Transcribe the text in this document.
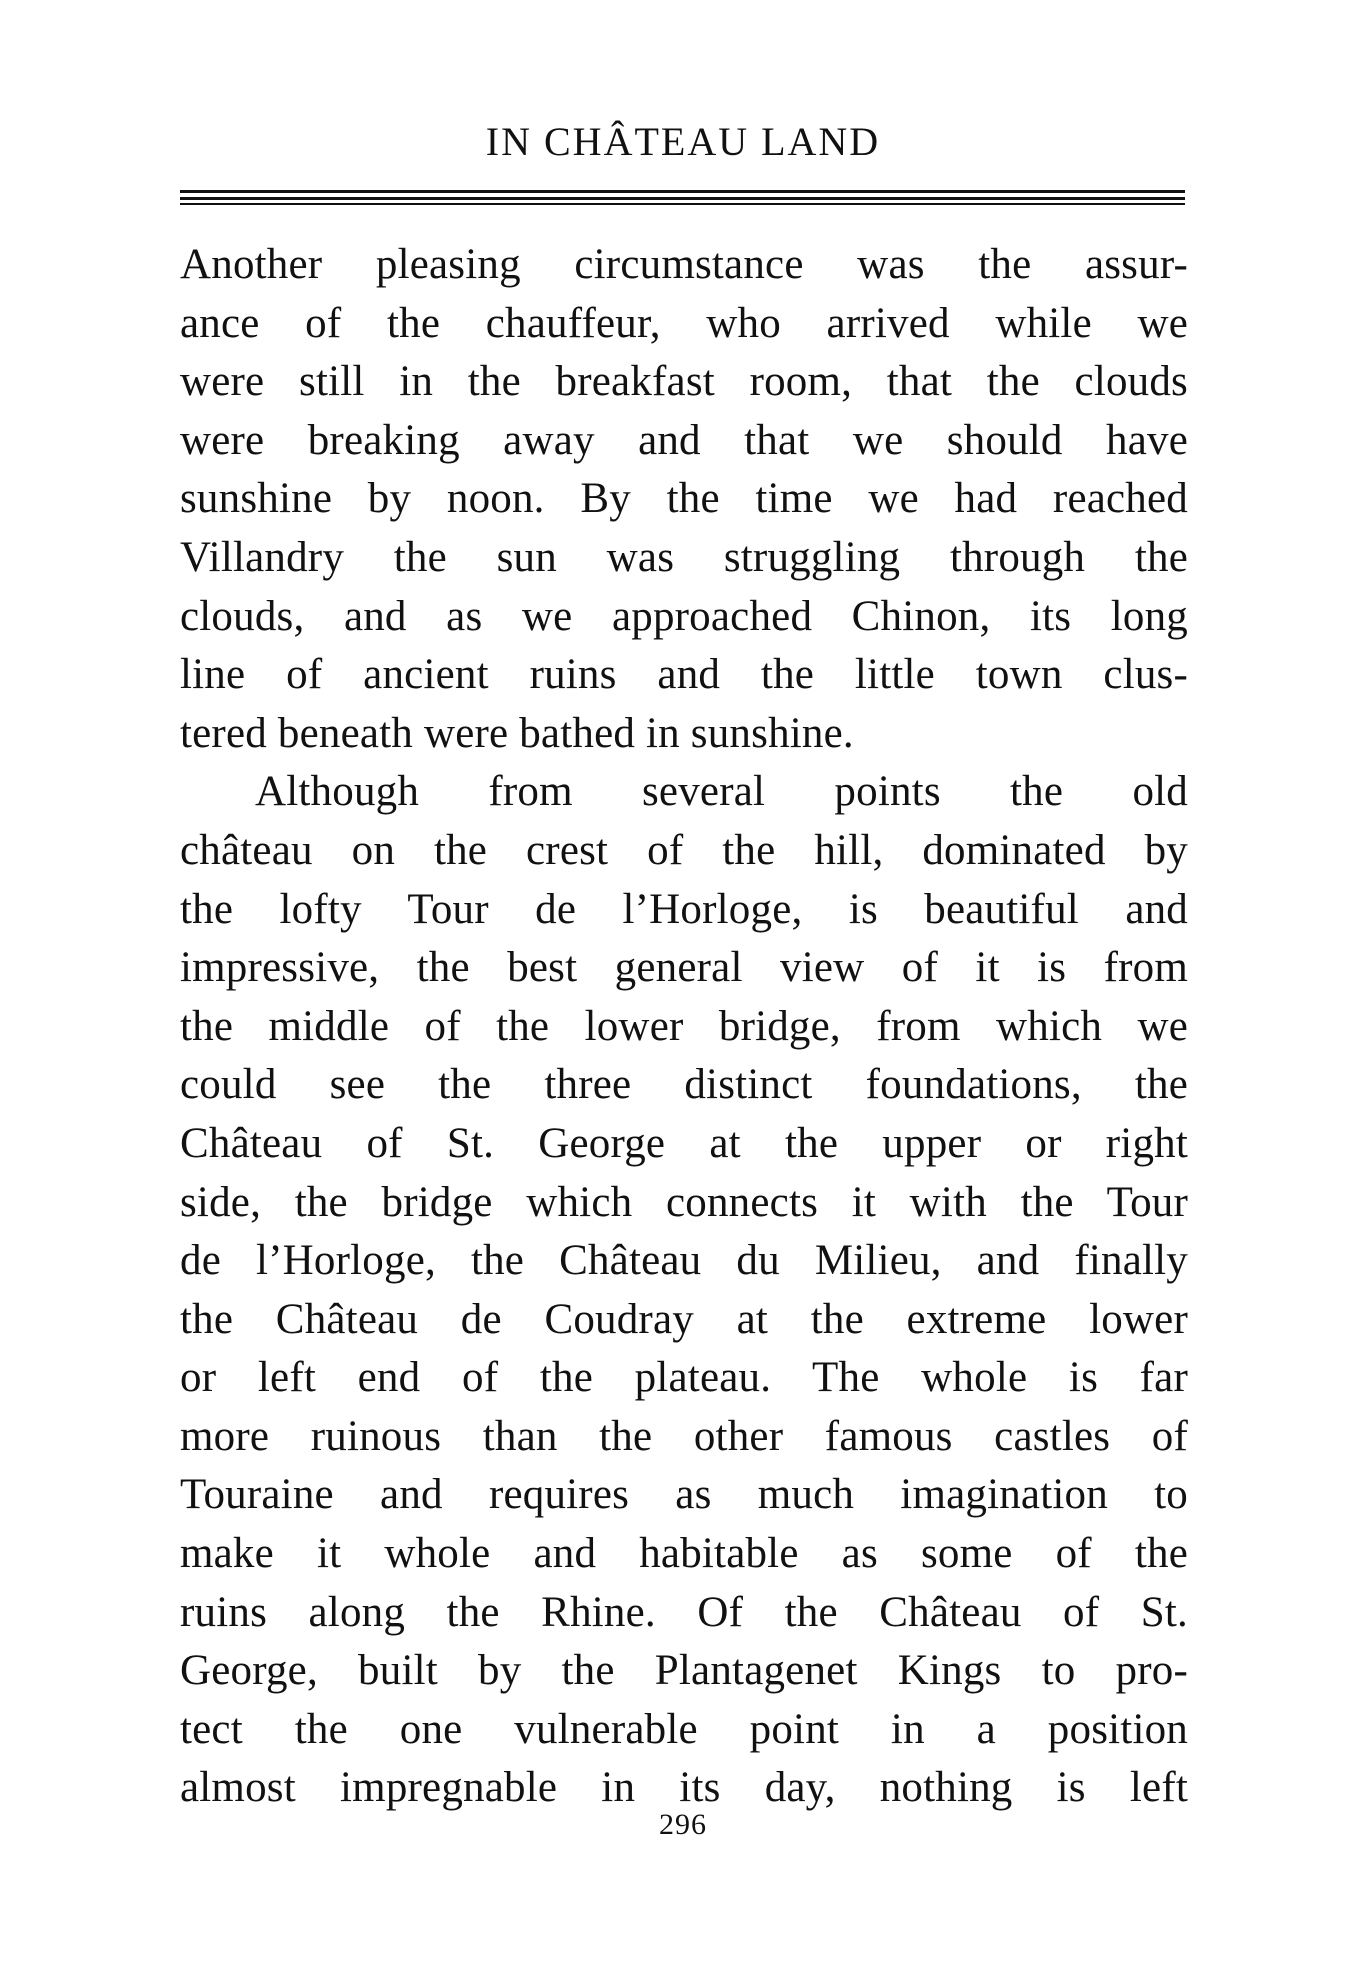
IN CHÂTEAU LAND
Another pleasing circumstance was the assur-
ance of the chauffeur, who arrived while we
were still in the breakfast room, that the clouds
were breaking away and that we should have
sunshine by noon. By the time we had reached
Villandry the sun was struggling through the
clouds, and as we approached Chinon, its long
line of ancient ruins and the little town clus-
tered beneath were bathed in sunshine.
Although from several points the old
château on the crest of the hill, dominated by
the lofty Tour de l’Horloge, is beautiful and
impressive, the best general view of it is from
the middle of the lower bridge, from which we
could see the three distinct foundations, the
Château of St. George at the upper or right
side, the bridge which connects it with the Tour
de l’Horloge, the Château du Milieu, and finally
the Château de Coudray at the extreme lower
or left end of the plateau. The whole is far
more ruinous than the other famous castles of
Touraine and requires as much imagination to
make it whole and habitable as some of the
ruins along the Rhine. Of the Château of St.
George, built by the Plantagenet Kings to pro-
tect the one vulnerable point in a position
almost impregnable in its day, nothing is left
296
